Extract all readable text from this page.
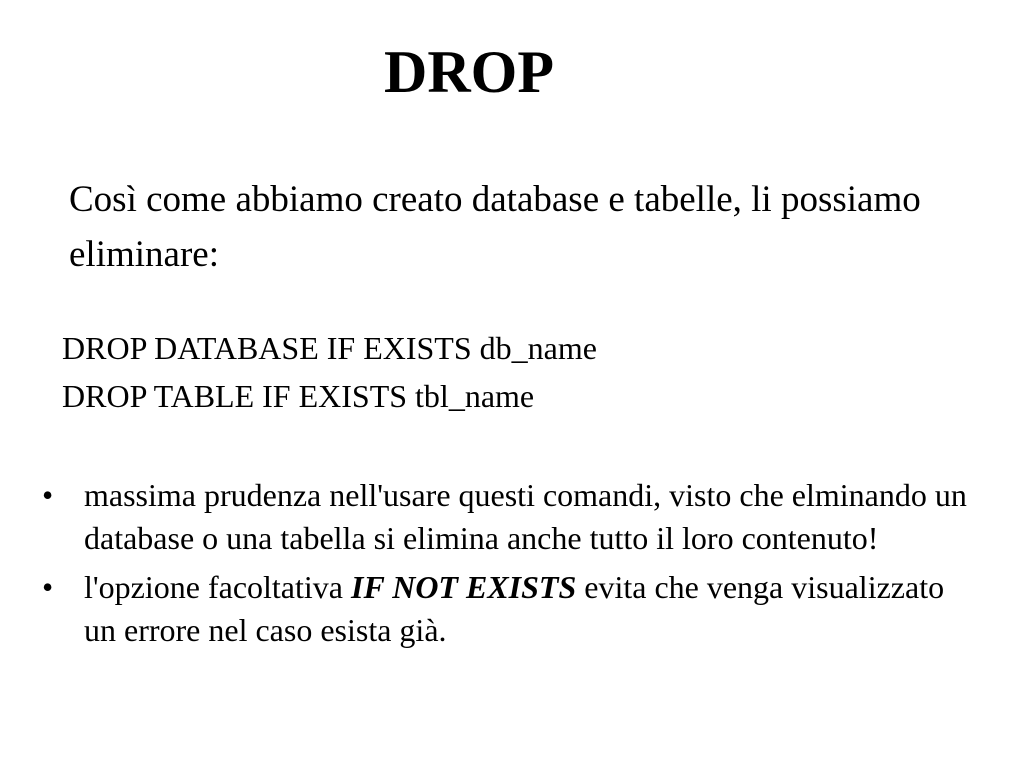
DROP
Così come abbiamo creato database e tabelle, li possiamo eliminare:
DROP DATABASE IF EXISTS db_name
DROP TABLE IF EXISTS tbl_name
• massima prudenza nell'usare questi comandi, visto che elminando un database o una tabella si elimina anche tutto il loro contenuto!
• l'opzione facoltativa IF NOT EXISTS evita che venga visualizzato un errore nel caso esista già.
